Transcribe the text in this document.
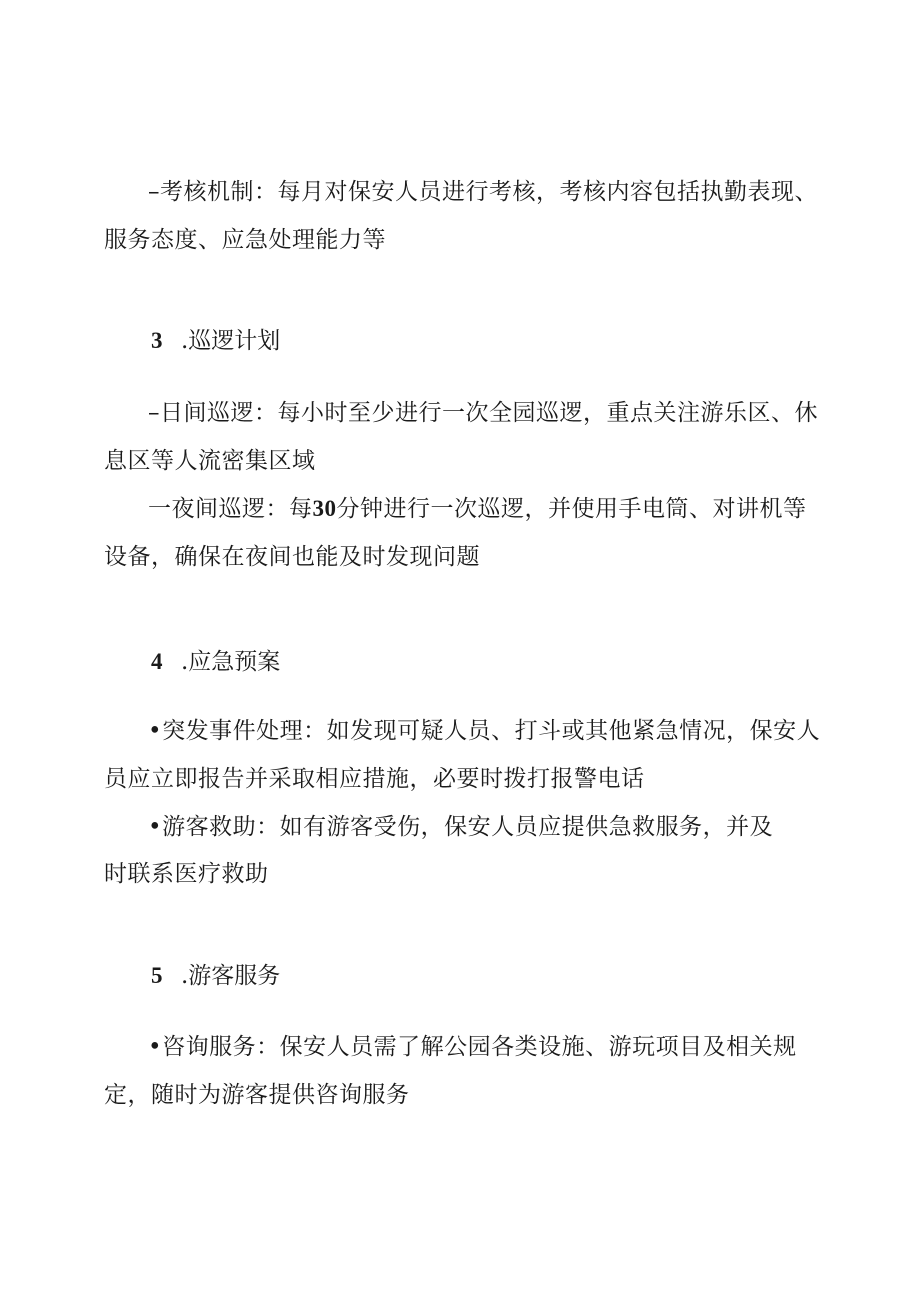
–考核机制：每月对保安人员进行考核，考核内容包括执勤表现、
服务态度、应急处理能力等
3 .巡逻计划
–日间巡逻：每小时至少进行一次全园巡逻，重点关注游乐区、休
息区等人流密集区域
一夜间巡逻：每30分钟进行一次巡逻，并使用手电筒、对讲机等
设备，确保在夜间也能及时发现问题
4 .应急预案
•突发事件处理：如发现可疑人员、打斗或其他紧急情况，保安人
员应立即报告并采取相应措施，必要时拨打报警电话
•游客救助：如有游客受伤，保安人员应提供急救服务，并及
时联系医疗救助
5 .游客服务
•咨询服务：保安人员需了解公园各类设施、游玩项目及相关规
定，随时为游客提供咨询服务
